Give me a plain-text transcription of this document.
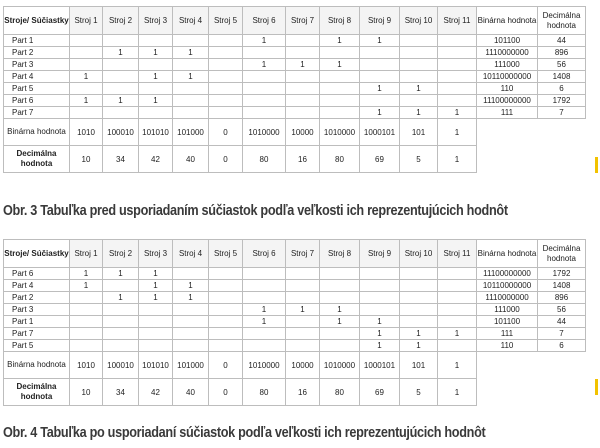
Stroje/ Súčiastky	Stroj 1	Stroj 2	Stroj 3	Stroj 4	Stroj 5	Stroj 6	Stroj 7	Stroj 8	Stroj 9	Stroj 10	Stroj 11	Binárna hodnota	Decimálna hodnota
Part 1						1		1	1			101100	44
Part 2		1	1	1								1110000000	896
Part 3						1	1	1				111000	56
Part 4	1		1	1								10110000000	1408
Part 5									1	1		110	6
Part 6	1	1	1									11100000000	1792
Part 7									1	1	1	111	7
Binárna hodnota	1010	100010	101010	101000	0	1010000	10000	1010000	1000101	101	1		
Decimálna hodnota	10	34	42	40	0	80	16	80	69	5	1		
Obr. 3 Tabuľka pred usporiadaním súčiastok podľa veľkosti ich reprezentujúcich hodnôt
Stroje/ Súčiastky	Stroj 1	Stroj 2	Stroj 3	Stroj 4	Stroj 5	Stroj 6	Stroj 7	Stroj 8	Stroj 9	Stroj 10	Stroj 11	Binárna hodnota	Decimálna hodnota
Part 6	1	1	1									11100000000	1792
Part 4	1		1	1								10110000000	1408
Part 2		1	1	1								1110000000	896
Part 3						1	1	1				111000	56
Part 1						1		1	1			101100	44
Part 7									1	1	1	111	7
Part 5									1	1		110	6
Binárna hodnota	1010	100010	101010	101000	0	1010000	10000	1010000	1000101	101	1		
Decimálna hodnota	10	34	42	40	0	80	16	80	69	5	1		
Obr. 4 Tabuľka po usporiadaní súčiastok podľa veľkosti ich reprezentujúcich hodnôt
